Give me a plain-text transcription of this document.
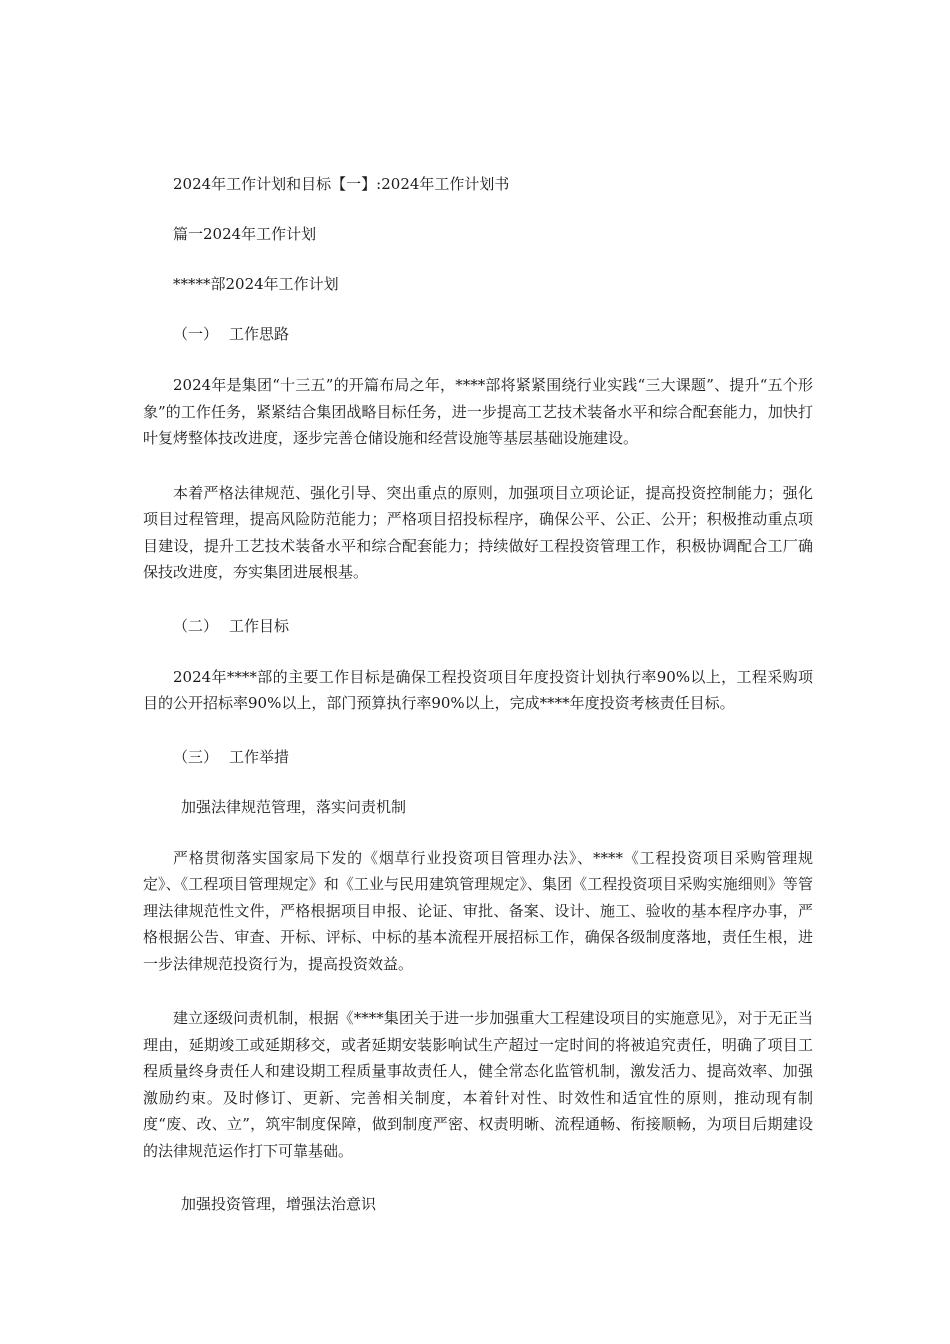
2024年工作计划和目标【一】:2024年工作计划书

篇一2024年工作计划

*****部2024年工作计划

（一） 工作思路

2024年是集团“十三五”的开篇布局之年，****部将紧紧围绕行业实践“三大课题”、提升“五个形象”的工作任务，紧紧结合集团战略目标任务，进一步提高工艺技术装备水平和综合配套能力，加快打叶复烤整体技改进度，逐步完善仓储设施和经营设施等基层基础设施建设。

本着严格法律规范、强化引导、突出重点的原则，加强项目立项论证，提高投资控制能力；强化项目过程管理，提高风险防范能力；严格项目招投标程序，确保公平、公正、公开；积极推动重点项目建设，提升工艺技术装备水平和综合配套能力；持续做好工程投资管理工作，积极协调配合工厂确保技改进度，夯实集团进展根基。

（二） 工作目标

2024年****部的主要工作目标是确保工程投资项目年度投资计划执行率90%以上，工程采购项目的公开招标率90%以上，部门预算执行率90%以上，完成****年度投资考核责任目标。

（三） 工作举措

加强法律规范管理，落实问责机制

严格贯彻落实国家局下发的《烟草行业投资项目管理办法》、****《工程投资项目采购管理规定》、《工程项目管理规定》和《工业与民用建筑管理规定》、集团《工程投资项目采购实施细则》等管理法律规范性文件，严格根据项目申报、论证、审批、备案、设计、施工、验收的基本程序办事，严格根据公告、审查、开标、评标、中标的基本流程开展招标工作，确保各级制度落地，责任生根，进一步法律规范投资行为，提高投资效益。

建立逐级问责机制，根据《****集团关于进一步加强重大工程建设项目的实施意见》，对于无正当理由，延期竣工或延期移交，或者延期安装影响试生产超过一定时间的将被追究责任，明确了项目工程质量终身责任人和建设期工程质量事故责任人，健全常态化监管机制，激发活力、提高效率、加强激励约束。及时修订、更新、完善相关制度，本着针对性、时效性和适宜性的原则，推动现有制度“废、改、立”，筑牢制度保障，做到制度严密、权责明晰、流程通畅、衔接顺畅，为项目后期建设的法律规范运作打下可靠基础。

加强投资管理，增强法治意识
